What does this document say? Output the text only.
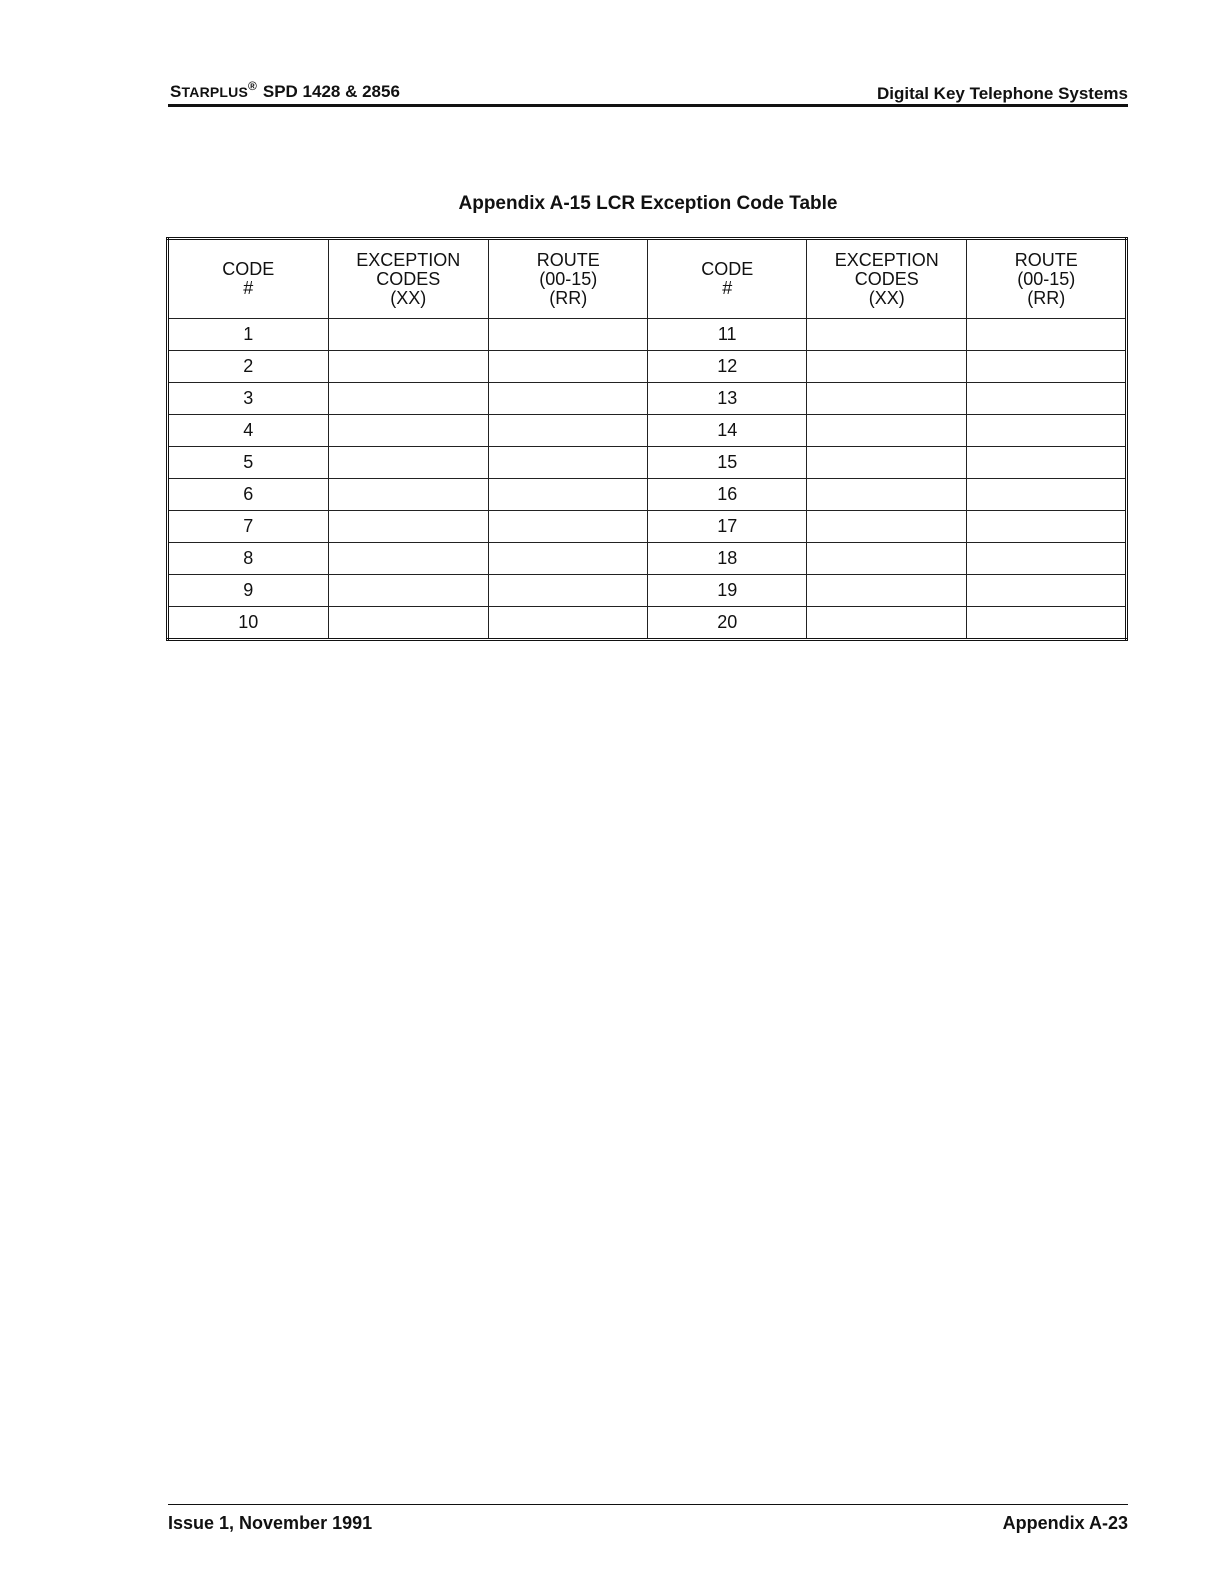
STARPLUS® SPD 1428 & 2856	Digital Key Telephone Systems
Appendix A-15 LCR Exception Code Table
CODE
#	EXCEPTION
CODES
(XX)	ROUTE
(00-15)
(RR)	CODE
#	EXCEPTION
CODES
(XX)	ROUTE
(00-15)
(RR)

1			11		
2			12		
3			13		
4			14		
5			15		
6			16		
7			17		
8			18		
9			19		
10			20		
Issue 1, November 1991	Appendix A-23
